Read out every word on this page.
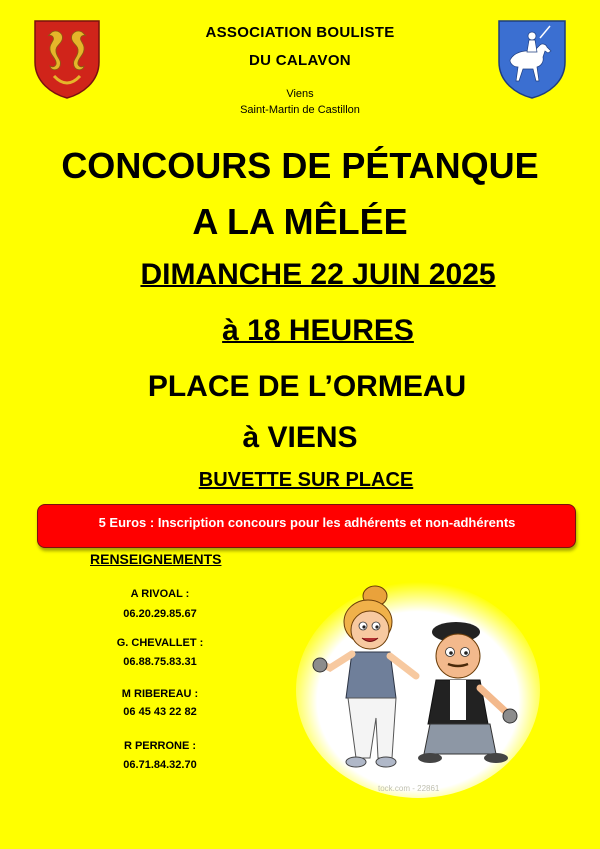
ASSOCIATION BOULISTE
DU CALAVON
Viens
Saint-Martin de Castillon
CONCOURS DE PÉTANQUE
A LA MÊLÉE
DIMANCHE 22 JUIN 2025
à 18 HEURES
PLACE DE L’ORMEAU
à VIENS
BUVETTE SUR PLACE
5 Euros : Inscription concours pour les adhérents et non-adhérents
RENSEIGNEMENTS
A RIVOAL :
06.20.29.85.67
G. CHEVALLET :
06.88.75.83.31
M RIBEREAU :
06 45 43 22 82
R PERRONE :
06.71.84.32.70
tock.com - 22861
